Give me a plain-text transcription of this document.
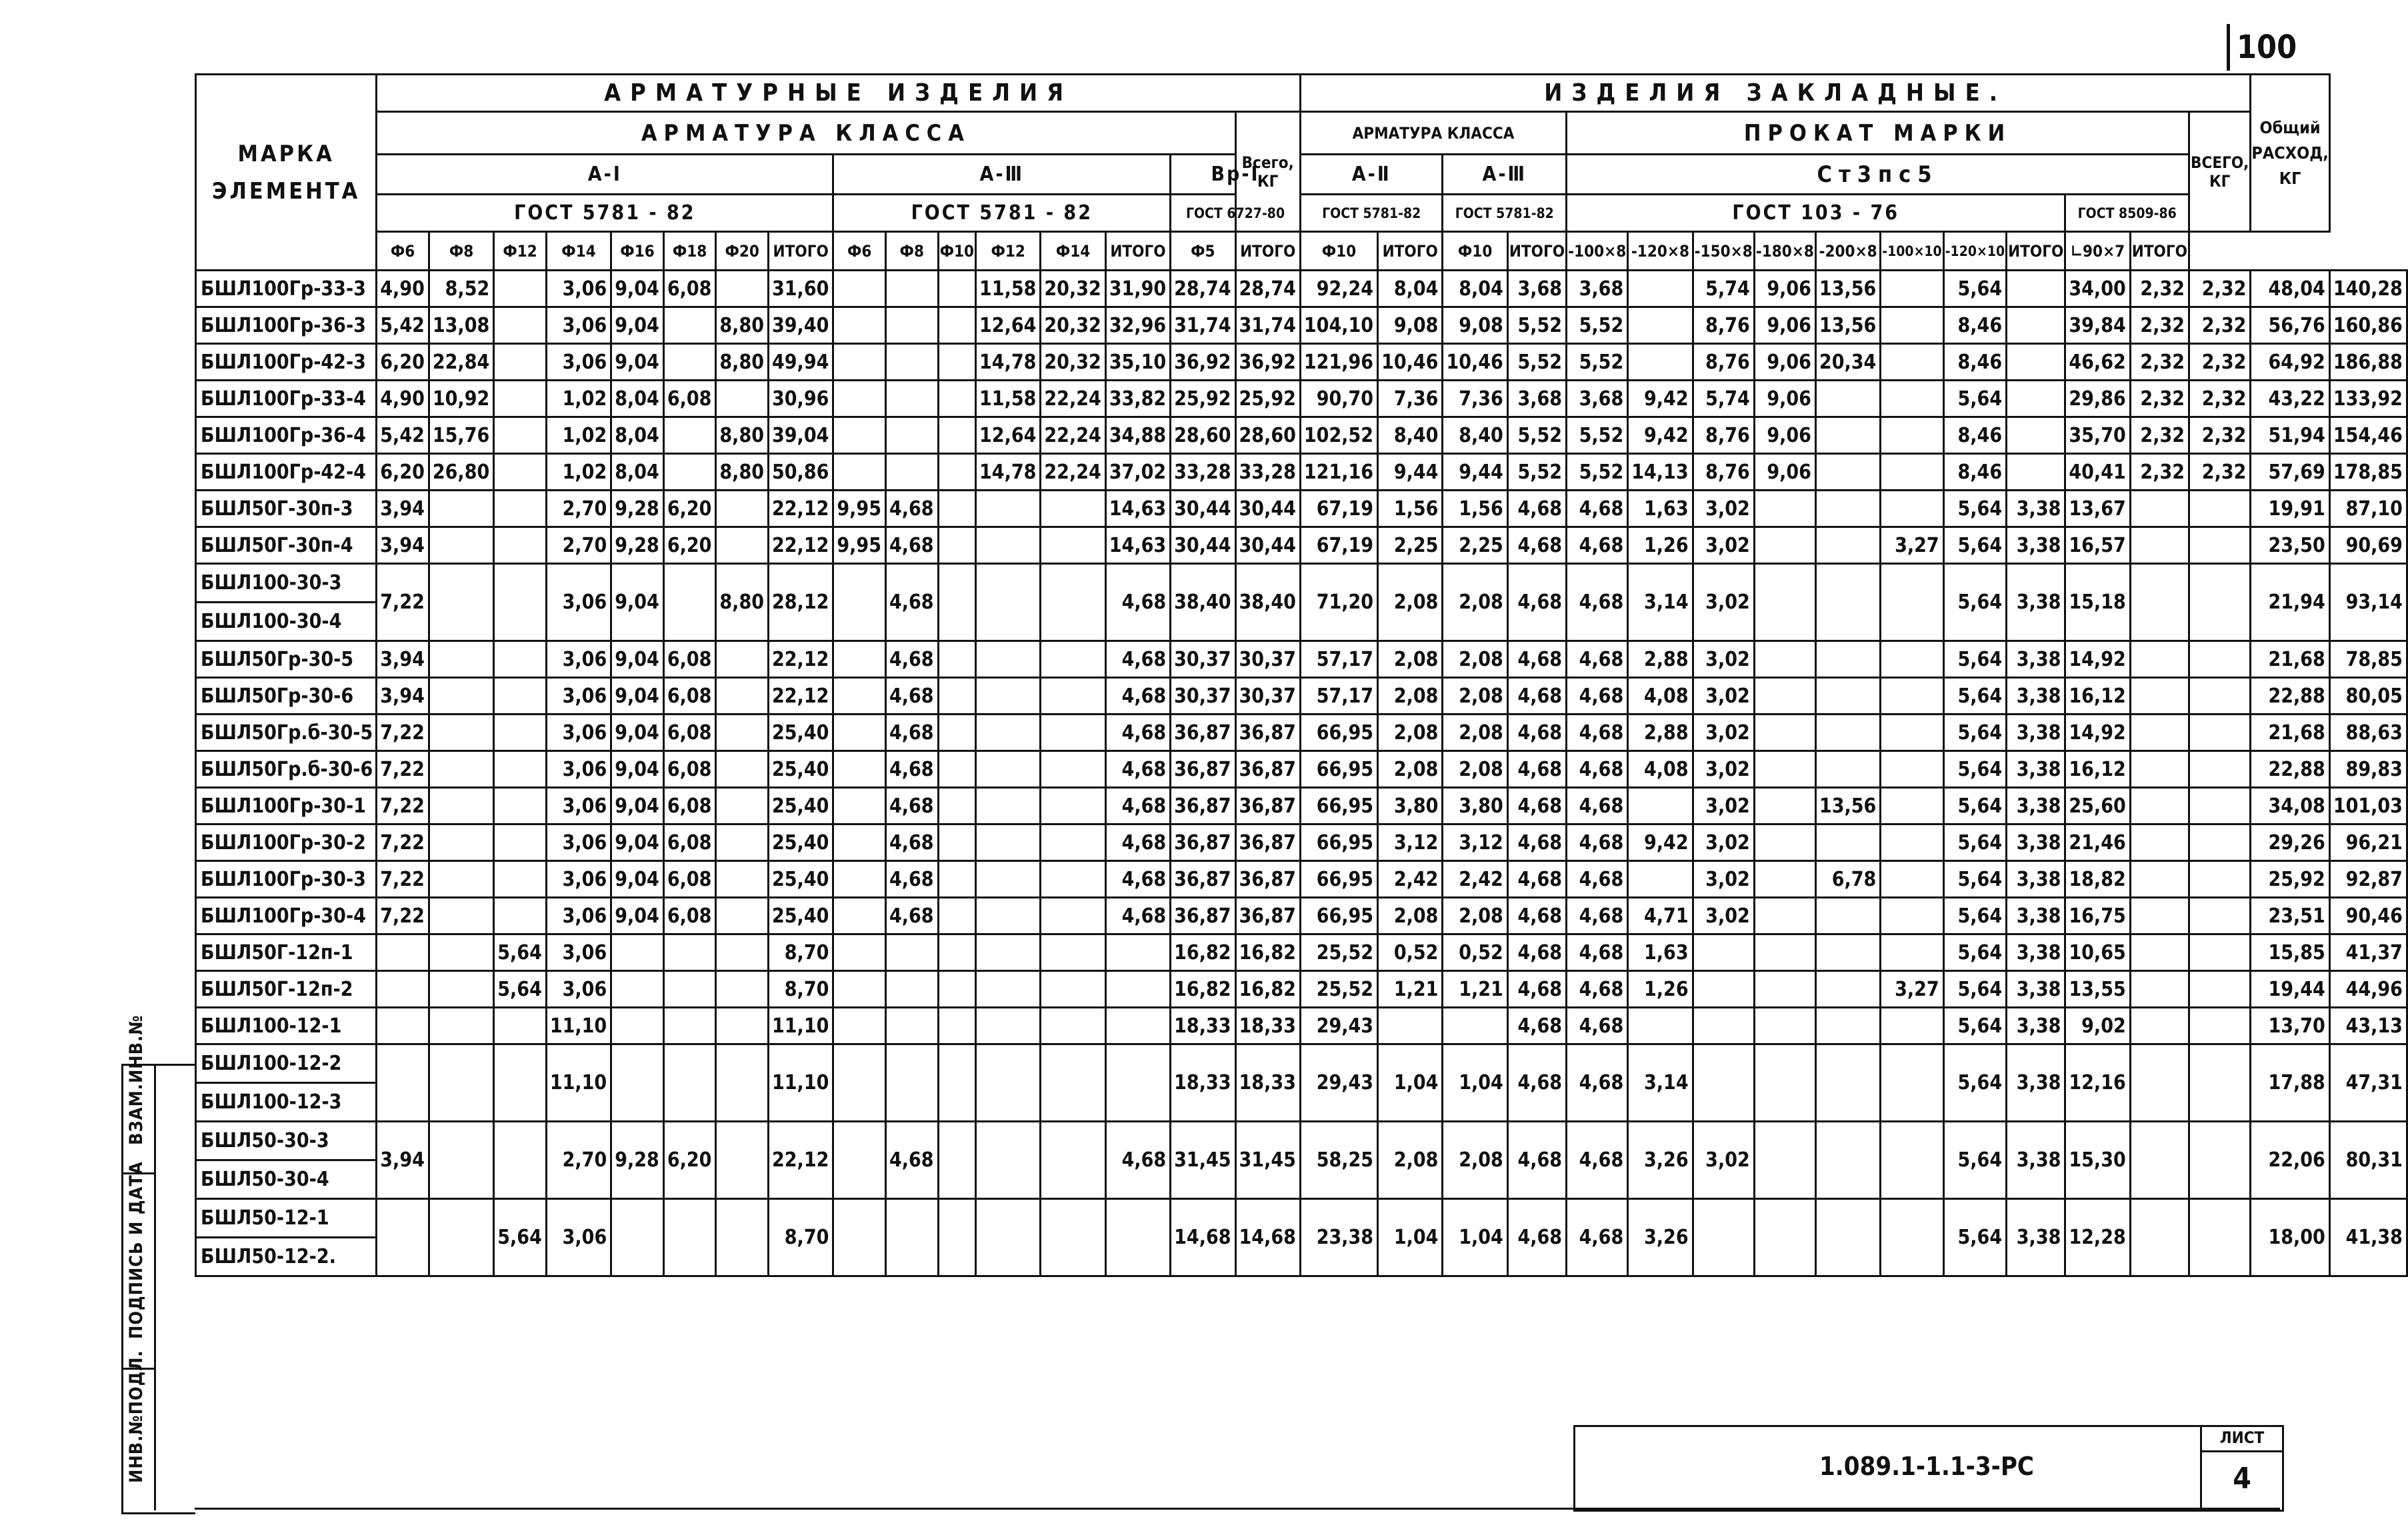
100
МАРКА ЭЛЕМЕНТА	АРМАТУРНЫЕ ИЗДЕЛИЯ																ИЗДЕЛИЯ ЗАКЛАДНЫЕ.															Общий РАСХОД, КГ	
	АРМАТУРА КЛАССА															Всего, КГ	АРМАТУРА КЛАССА				ПРОКАТ МАРКИ										ВСЕГО, КГ		
	А-Ⅰ								А-Ⅲ						Вр-Ⅰ		А-Ⅱ		А-Ⅲ		Ст3пс5												
	ГОСТ 5781 - 82								ГОСТ 5781 - 82						ГОСТ 6727-80		ГОСТ 5781-82		ГОСТ 5781-82		ГОСТ 103 - 76								ГОСТ 8509-86				
	Ф6	Ф8	Ф12	Ф14	Ф16	Ф18	Ф20	ИТОГО	Ф6	Ф8	Ф10	Ф12	Ф14	ИТОГО	Ф5	ИТОГО	Ф10	ИТОГО	Ф10	ИТОГО	-100×8	-120×8	-150×8	-180×8	-200×8	-100×10	-120×10	ИТОГО	∟90×7	ИТОГО			
БШЛ100Гр-33-3	4,90	8,52		3,06	9,04	6,08		31,60				11,58	20,32	31,90	28,74	28,74	92,24	8,04	8,04	3,68	3,68		5,74	9,06	13,56		5,64		34,00	2,32	2,32	48,04	140,28
БШЛ100Гр-36-3	5,42	13,08		3,06	9,04		8,80	39,40				12,64	20,32	32,96	31,74	31,74	104,10	9,08	9,08	5,52	5,52		8,76	9,06	13,56		8,46		39,84	2,32	2,32	56,76	160,86
БШЛ100Гр-42-3	6,20	22,84		3,06	9,04		8,80	49,94				14,78	20,32	35,10	36,92	36,92	121,96	10,46	10,46	5,52	5,52		8,76	9,06	20,34		8,46		46,62	2,32	2,32	64,92	186,88
БШЛ100Гр-33-4	4,90	10,92		1,02	8,04	6,08		30,96				11,58	22,24	33,82	25,92	25,92	90,70	7,36	7,36	3,68	3,68	9,42	5,74	9,06			5,64		29,86	2,32	2,32	43,22	133,92
БШЛ100Гр-36-4	5,42	15,76		1,02	8,04		8,80	39,04				12,64	22,24	34,88	28,60	28,60	102,52	8,40	8,40	5,52	5,52	9,42	8,76	9,06			8,46		35,70	2,32	2,32	51,94	154,46
БШЛ100Гр-42-4	6,20	26,80		1,02	8,04		8,80	50,86				14,78	22,24	37,02	33,28	33,28	121,16	9,44	9,44	5,52	5,52	14,13	8,76	9,06			8,46		40,41	2,32	2,32	57,69	178,85
БШЛ50Г-30п-3	3,94			2,70	9,28	6,20		22,12	9,95	4,68				14,63	30,44	30,44	67,19	1,56	1,56	4,68	4,68	1,63	3,02				5,64	3,38	13,67			19,91	87,10
БШЛ50Г-30п-4	3,94			2,70	9,28	6,20		22,12	9,95	4,68				14,63	30,44	30,44	67,19	2,25	2,25	4,68	4,68	1,26	3,02			3,27	5,64	3,38	16,57			23,50	90,69
БШЛ100-30-3	7,22			3,06	9,04		8,80	28,12		4,68				4,68	38,40	38,40	71,20	2,08	2,08	4,68	4,68	3,14	3,02				5,64	3,38	15,18			21,94	93,14
БШЛ100-30-4																																	
БШЛ50Гр-30-5	3,94			3,06	9,04	6,08		22,12		4,68				4,68	30,37	30,37	57,17	2,08	2,08	4,68	4,68	2,88	3,02				5,64	3,38	14,92			21,68	78,85
БШЛ50Гр-30-6	3,94			3,06	9,04	6,08		22,12		4,68				4,68	30,37	30,37	57,17	2,08	2,08	4,68	4,68	4,08	3,02				5,64	3,38	16,12			22,88	80,05
БШЛ50Гр.б-30-5	7,22			3,06	9,04	6,08		25,40		4,68				4,68	36,87	36,87	66,95	2,08	2,08	4,68	4,68	2,88	3,02				5,64	3,38	14,92			21,68	88,63
БШЛ50Гр.б-30-6	7,22			3,06	9,04	6,08		25,40		4,68				4,68	36,87	36,87	66,95	2,08	2,08	4,68	4,68	4,08	3,02				5,64	3,38	16,12			22,88	89,83
БШЛ100Гр-30-1	7,22			3,06	9,04	6,08		25,40		4,68				4,68	36,87	36,87	66,95	3,80	3,80	4,68	4,68		3,02		13,56		5,64	3,38	25,60			34,08	101,03
БШЛ100Гр-30-2	7,22			3,06	9,04	6,08		25,40		4,68				4,68	36,87	36,87	66,95	3,12	3,12	4,68	4,68	9,42	3,02				5,64	3,38	21,46			29,26	96,21
БШЛ100Гр-30-3	7,22			3,06	9,04	6,08		25,40		4,68				4,68	36,87	36,87	66,95	2,42	2,42	4,68	4,68		3,02		6,78		5,64	3,38	18,82			25,92	92,87
БШЛ100Гр-30-4	7,22			3,06	9,04	6,08		25,40		4,68				4,68	36,87	36,87	66,95	2,08	2,08	4,68	4,68	4,71	3,02				5,64	3,38	16,75			23,51	90,46
БШЛ50Г-12п-1			5,64	3,06				8,70							16,82	16,82	25,52	0,52	0,52	4,68	4,68	1,63					5,64	3,38	10,65			15,85	41,37
БШЛ50Г-12п-2			5,64	3,06				8,70							16,82	16,82	25,52	1,21	1,21	4,68	4,68	1,26				3,27	5,64	3,38	13,55			19,44	44,96
БШЛ100-12-1				11,10				11,10							18,33	18,33	29,43			4,68	4,68						5,64	3,38	9,02			13,70	43,13
БШЛ100-12-2				11,10				11,10							18,33	18,33	29,43	1,04	1,04	4,68	4,68	3,14					5,64	3,38	12,16			17,88	47,31
БШЛ100-12-3																																	
БШЛ50-30-3	3,94			2,70	9,28	6,20		22,12		4,68				4,68	31,45	31,45	58,25	2,08	2,08	4,68	4,68	3,26	3,02				5,64	3,38	15,30			22,06	80,31
БШЛ50-30-4																																	
БШЛ50-12-1			5,64	3,06				8,70							14,68	14,68	23,38	1,04	1,04	4,68	4,68	3,26					5,64	3,38	12,28			18,00	41,38
БШЛ50-12-2.																																	
ВЗАМ.ИНВ.№
ПОДПИСЬ И ДАТА
ИНВ.№ПОДЛ.	1.089.1-1.1-3-РС
ЛИСТ
4
